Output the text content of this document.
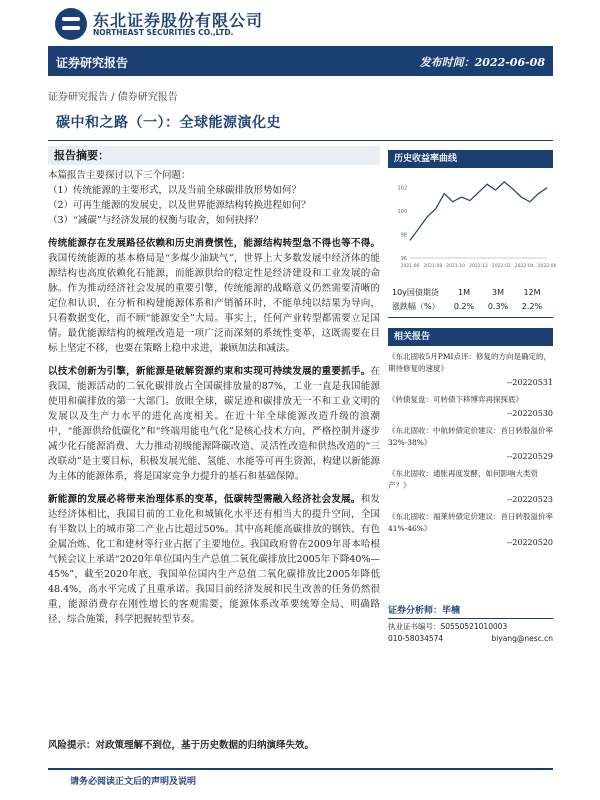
东北证券股份有限公司
NORTHEAST SECURITIES CO.,LTD.
证券研究报告	发布时间：2022-06-08
证券研究报告 / 债券研究报告
碳中和之路（一）：全球能源演化史
报告摘要：

本篇报告主要探讨以下三个问题：

（1）传统能源的主要形式，以及当前全球碳排放形势如何？

（2）可再生能源的发展史，以及世界能源结构转换进程如何？

（3）“减碳”与经济发展的权衡与取舍，如何抉择？

传统能源存在发展路径依赖和历史消费惯性，能源结构转型急不得也等不得。我国传统能源的基本格局是“多煤少油缺气”，世界上大多数发展中经济体的能源结构也高度依赖化石能源，而能源供给的稳定性是经济建设和工业发展的命脉。作为推动经济社会发展的重要引擎，传统能源的战略意义仍然需要清晰的定位和认识，在分析和构建能源体系和产销循环时，不能单纯以结果为导向，只看数据变化，而不顾“能源安全”大局。事实上，任何产业转型都需要立足国情。最优能源结构的梳理改造是一项广泛而深刻的系统性变革，这既需要在目标上坚定不移，也要在策略上稳中求进，兼顾加法和减法。

以技术创新为引擎，新能源是破解资源约束和实现可持续发展的重要抓手。在我国，能源活动的二氧化碳排放占全国碳排放量的87%，工业一直是我国能源使用和碳排放的第一大部门。放眼全球，碳足迹和碳排放无一不和工业文明的发展以及生产力水平的进化高度相关。在近十年全球能源改造升级的浪潮中，“能源供给低碳化”和“终端用能电气化”是核心技术方向，严格控制并逐步减少化石能源消费、大力推动初级能源降碳改造、灵活性改造和供热改造的“三改联动”是主要目标，积极发展光能、氢能、水能等可再生资源，构建以新能源为主体的能源体系，将是国家竞争力提升的基石和基础保障。

新能源的发展必将带来治理体系的变革，低碳转型需融入经济社会发展。和发达经济体相比，我国目前的工业化和城镇化水平还有相当大的提升空间，全国有半数以上的城市第二产业占比超过50%。其中高耗能高碳排放的钢铁、有色金属冶炼、化工和建材等行业占据了主要地位。我国政府曾在2009年哥本哈根气候会议上承诺“2020年单位国内生产总值二氧化碳排放比2005年下降40%—45%”，截至2020年底，我国单位国内生产总值二氧化碳排放比2005年降低48.4%，高水平完成了且重承诺。我国目前经济发展和民生改善的任务仍然很重，能源消费存在刚性增长的客观需要，能源体系改革要统筹全局、明确路径、综合施策，科学把握转型节奏。

风险提示：对政策理解不到位，基于历史数据的归纳演绎失效。
历史收益率曲线
96
98
100
102
2021-06 2021-08 2021-10 2021-12 2022-02 2022-04 2022-06
10y国债期货	1M	3M	12M
涨跌幅（%）	0.2%	0.3%	2.2%
相关报告
《东北固收5月PMI点评：修复的方向是确定的，期待修复的速度》
--20220531
《转债复盘：可转债下移博弈再探探底》
--20220530
《东北固收：中航转债定价建议：首日转股溢价率32%-38%》
--20220529
《东北固收：通胀再度发酵，如何影响大类资产？》
--20220523
《东北固收：福莱转债定价建议：首日转股溢价率41%-46%》
--20220520
证券分析师：毕楠
执业证书编号：S0550521010003
010-58034574	biyang@nesc.cn
请务必阅读正文后的声明及说明
